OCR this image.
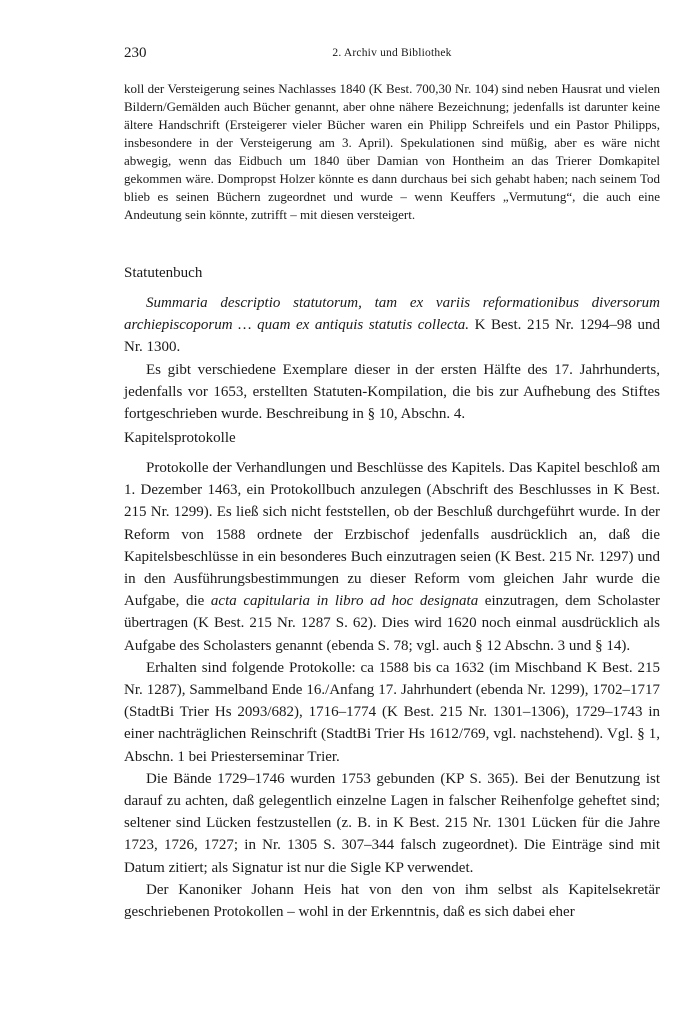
230	2. Archiv und Bibliothek
koll der Versteigerung seines Nachlasses 1840 (K Best. 700,30 Nr. 104) sind neben Hausrat und vielen Bildern/Gemälden auch Bücher genannt, aber ohne nähere Bezeichnung; jedenfalls ist darunter keine ältere Handschrift (Ersteigerer vieler Bücher waren ein Philipp Schreifels und ein Pastor Philipps, insbesondere in der Versteigerung am 3. April). Spekulationen sind müßig, aber es wäre nicht abwegig, wenn das Eidbuch um 1840 über Damian von Hontheim an das Trierer Domkapitel gekommen wäre. Dompropst Holzer könnte es dann durchaus bei sich gehabt haben; nach seinem Tod blieb es seinen Büchern zugeordnet und wurde – wenn Keuffers „Vermutung“, die auch eine Andeutung sein könnte, zutrifft – mit diesen versteigert.
Statutenbuch

Summaria descriptio statutorum, tam ex variis reformationibus diversorum archiepiscoporum … quam ex antiquis statutis collecta. K Best. 215 Nr. 1294–98 und Nr. 1300.

Es gibt verschiedene Exemplare dieser in der ersten Hälfte des 17. Jahrhunderts, jedenfalls vor 1653, erstellten Statuten-Kompilation, die bis zur Aufhebung des Stiftes fortgeschrieben wurde. Beschreibung in § 10, Abschn. 4.

Kapitelsprotokolle

Protokolle der Verhandlungen und Beschlüsse des Kapitels. Das Kapitel beschloß am 1. Dezember 1463, ein Protokollbuch anzulegen (Abschrift des Beschlusses in K Best. 215 Nr. 1299). Es ließ sich nicht feststellen, ob der Beschluß durchgeführt wurde. In der Reform von 1588 ordnete der Erzbischof jedenfalls ausdrücklich an, daß die Kapitelsbeschlüsse in ein besonderes Buch einzutragen seien (K Best. 215 Nr. 1297) und in den Ausführungsbestimmungen zu dieser Reform vom gleichen Jahr wurde die Aufgabe, die acta capitularia in libro ad hoc designata einzutragen, dem Scholaster übertragen (K Best. 215 Nr. 1287 S. 62). Dies wird 1620 noch einmal ausdrücklich als Aufgabe des Scholasters genannt (ebenda S. 78; vgl. auch § 12 Abschn. 3 und § 14).

Erhalten sind folgende Protokolle: ca 1588 bis ca 1632 (im Mischband K Best. 215 Nr. 1287), Sammelband Ende 16./Anfang 17. Jahrhundert (ebenda Nr. 1299), 1702–1717 (StadtBi Trier Hs 2093/682), 1716–1774 (K Best. 215 Nr. 1301–1306), 1729–1743 in einer nachträglichen Reinschrift (StadtBi Trier Hs 1612/769, vgl. nachstehend). Vgl. § 1, Abschn. 1 bei Priesterseminar Trier.

Die Bände 1729–1746 wurden 1753 gebunden (KP S. 365). Bei der Benutzung ist darauf zu achten, daß gelegentlich einzelne Lagen in falscher Reihenfolge geheftet sind; seltener sind Lücken festzustellen (z. B. in K Best. 215 Nr. 1301 Lücken für die Jahre 1723, 1726, 1727; in Nr. 1305 S. 307–344 falsch zugeordnet). Die Einträge sind mit Datum zitiert; als Signatur ist nur die Sigle KP verwendet.

Der Kanoniker Johann Heis hat von den von ihm selbst als Kapitelsekretär geschriebenen Protokollen – wohl in der Erkenntnis, daß es sich dabei eher
